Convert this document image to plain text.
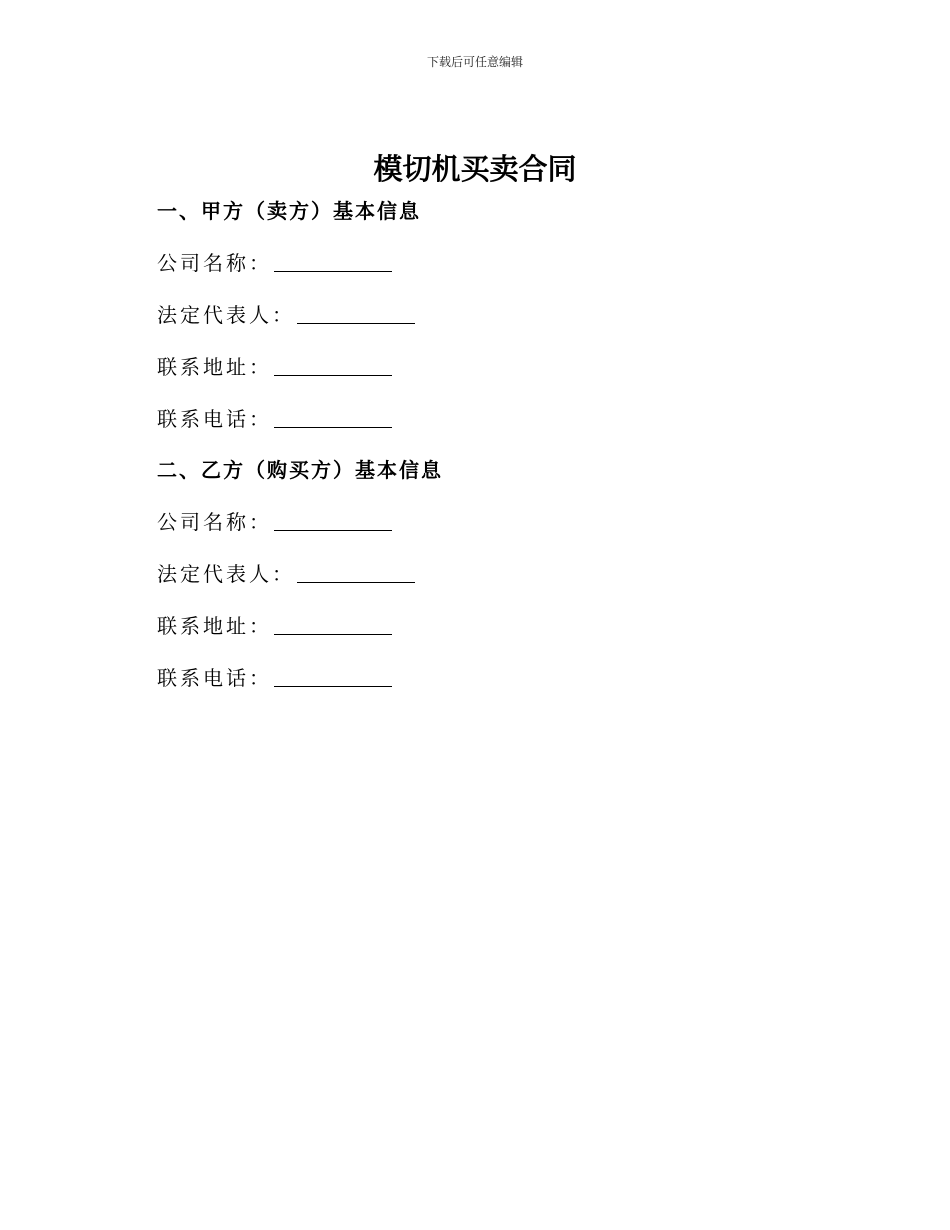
下载后可任意编辑
模切机买卖合同
一、甲方（卖方）基本信息
公司名称：
法定代表人：
联系地址：
联系电话：
二、乙方（购买方）基本信息
公司名称：
法定代表人：
联系地址：
联系电话：
